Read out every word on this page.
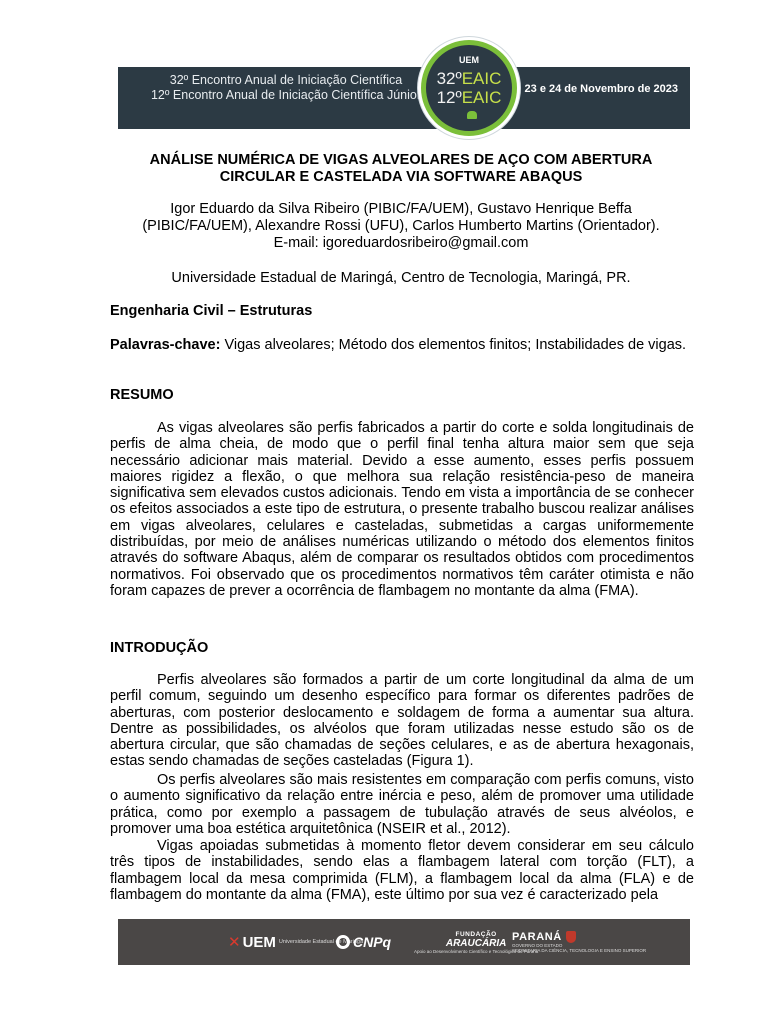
32º Encontro Anual de Iniciação Científica
12º Encontro Anual de Iniciação Científica Júnior	23 e 24 de Novembro de 2023
UEM
32ºEAIC
12ºEAIC
ANÁLISE NUMÉRICA DE VIGAS ALVEOLARES DE AÇO COM ABERTURA
CIRCULAR E CASTELADA VIA SOFTWARE ABAQUS
Igor Eduardo da Silva Ribeiro (PIBIC/FA/UEM), Gustavo Henrique Beffa
(PIBIC/FA/UEM), Alexandre Rossi (UFU), Carlos Humberto Martins (Orientador).
E-mail: igoreduardosribeiro@gmail.com
Universidade Estadual de Maringá, Centro de Tecnologia, Maringá, PR.
Engenharia Civil – Estruturas
Palavras-chave: Vigas alveolares; Método dos elementos finitos; Instabilidades de vigas.
RESUMO
As vigas alveolares são perfis fabricados a partir do corte e solda longitudinais de perfis de alma cheia, de modo que o perfil final tenha altura maior sem que seja necessário adicionar mais material. Devido a esse aumento, esses perfis possuem maiores rigidez a flexão, o que melhora sua relação resistência-peso de maneira significativa sem elevados custos adicionais. Tendo em vista a importância de se conhecer os efeitos associados a este tipo de estrutura, o presente trabalho buscou realizar análises em vigas alveolares, celulares e casteladas, submetidas a cargas uniformemente distribuídas, por meio de análises numéricas utilizando o método dos elementos finitos através do software Abaqus, além de comparar os resultados obtidos com procedimentos normativos. Foi observado que os procedimentos normativos têm caráter otimista e não foram capazes de prever a ocorrência de flambagem no montante da alma (FMA).
INTRODUÇÃO
Perfis alveolares são formados a partir de um corte longitudinal da alma de um perfil comum, seguindo um desenho específico para formar os diferentes padrões de aberturas, com posterior deslocamento e soldagem de forma a aumentar sua altura. Dentre as possibilidades, os alvéolos que foram utilizadas nesse estudo são os de abertura circular, que são chamadas de seções celulares, e as de abertura hexagonais, estas sendo chamadas de seções casteladas (Figura 1).
Os perfis alveolares são mais resistentes em comparação com perfis comuns, visto o aumento significativo da relação entre inércia e peso, além de promover uma utilidade prática, como por exemplo a passagem de tubulação através de seus alvéolos, e promover uma boa estética arquitetônica (NSEIR et al., 2012).
Vigas apoiadas submetidas à momento fletor devem considerar em seu cálculo três tipos de instabilidades, sendo elas a flambagem lateral com torção (FLT), a flambagem local da mesa comprimida (FLM), a flambagem local da alma (FLA) e de flambagem do montante da alma (FMA), este último por sua vez é caracterizado pela
✕ UEM Universidade Estadual de Maringá
CNPq	FUNDAÇÃO
ARAUCÁRIA
Apoio ao Desenvolvimento Científico e Tecnológico do Paraná
PARANÁ
GOVERNO DO ESTADO
SECRETARIA DA CIÊNCIA, TECNOLOGIA E ENSINO SUPERIOR
